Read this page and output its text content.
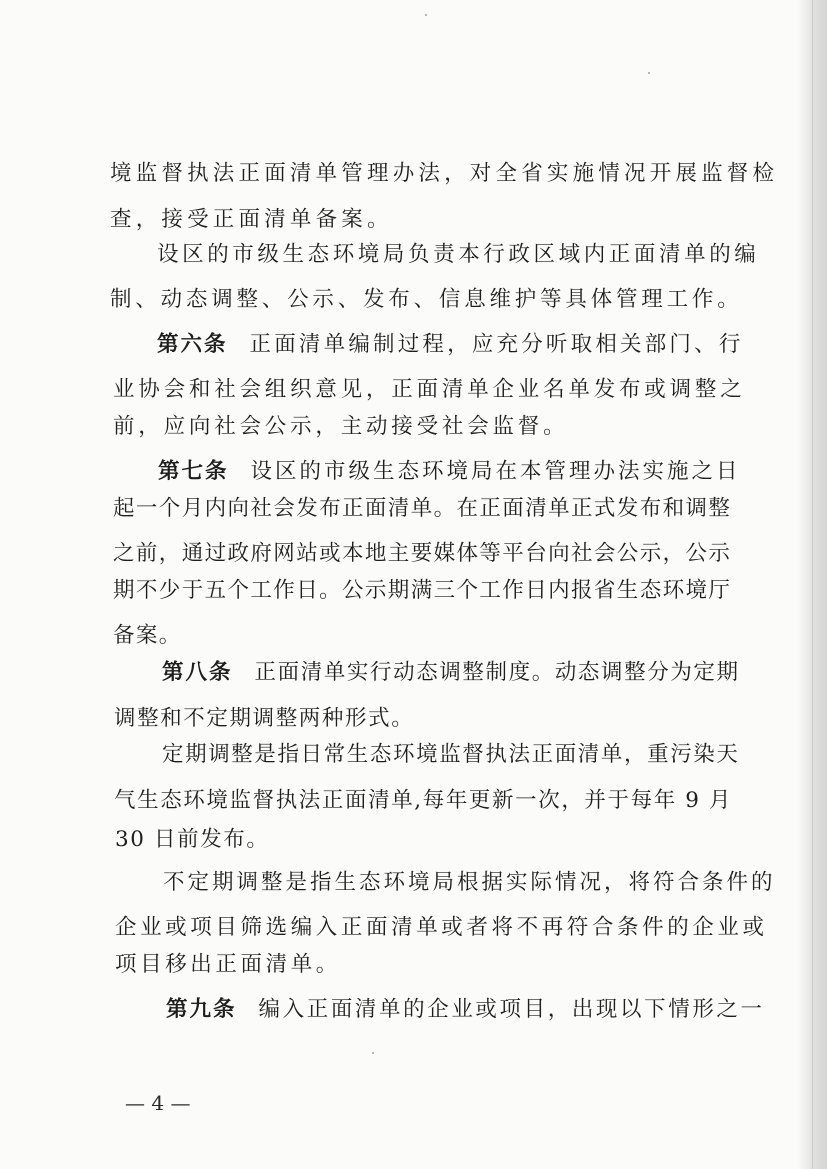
境监督执法正面清单管理办法，对全省实施情况开展监督检
查，接受正面清单备案。
设区的市级生态环境局负责本行政区域内正面清单的编
制、动态调整、公示、发布、信息维护等具体管理工作。
第六条 正面清单编制过程，应充分听取相关部门、行
业协会和社会组织意见，正面清单企业名单发布或调整之
前，应向社会公示，主动接受社会监督。
第七条 设区的市级生态环境局在本管理办法实施之日
起一个月内向社会发布正面清单。在正面清单正式发布和调整
之前，通过政府网站或本地主要媒体等平台向社会公示，公示
期不少于五个工作日。公示期满三个工作日内报省生态环境厅
备案。
第八条 正面清单实行动态调整制度。动态调整分为定期
调整和不定期调整两种形式。
定期调整是指日常生态环境监督执法正面清单，重污染天
气生态环境监督执法正面清单,每年更新一次，并于每年 9 月
30 日前发布。
不定期调整是指生态环境局根据实际情况，将符合条件的
企业或项目筛选编入正面清单或者将不再符合条件的企业或
项目移出正面清单。
第九条 编入正面清单的企业或项目，出现以下情形之一
— 4 —
